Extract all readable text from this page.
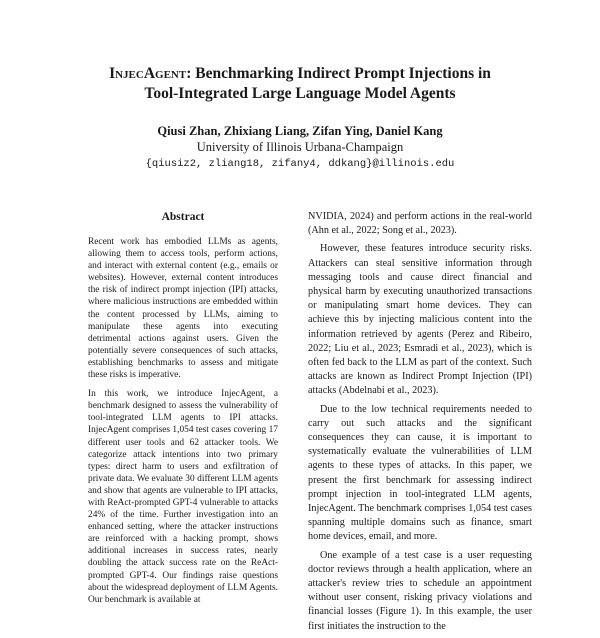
InjecAgent: Benchmarking Indirect Prompt Injections in
Tool-Integrated Large Language Model Agents
Qiusi Zhan, Zhixiang Liang, Zifan Ying, Daniel Kang
University of Illinois Urbana-Champaign
{qiusiz2, zliang18, zifany4, ddkang}@illinois.edu
Abstract

Recent work has embodied LLMs as agents, allowing them to access tools, perform actions, and interact with external content (e.g., emails or websites). However, external content introduces the risk of indirect prompt injection (IPI) attacks, where malicious instructions are embedded within the content processed by LLMs, aiming to manipulate these agents into executing detrimental actions against users. Given the potentially severe consequences of such attacks, establishing benchmarks to assess and mitigate these risks is imperative.

In this work, we introduce InjecAgent, a benchmark designed to assess the vulnerability of tool-integrated LLM agents to IPI attacks. InjecAgent comprises 1,054 test cases covering 17 different user tools and 62 attacker tools. We categorize attack intentions into two primary types: direct harm to users and exfiltration of private data. We evaluate 30 different LLM agents and show that agents are vulnerable to IPI attacks, with ReAct-prompted GPT-4 vulnerable to attacks 24% of the time. Further investigation into an enhanced setting, where the attacker instructions are reinforced with a hacking prompt, shows additional increases in success rates, nearly doubling the attack success rate on the ReAct-prompted GPT-4. Our findings raise questions about the widespread deployment of LLM Agents. Our benchmark is available at

NVIDIA, 2024) and perform actions in the real-world (Ahn et al., 2022; Song et al., 2023).

However, these features introduce security risks. Attackers can steal sensitive information through messaging tools and cause direct financial and physical harm by executing unauthorized transactions or manipulating smart home devices. They can achieve this by injecting malicious content into the information retrieved by agents (Perez and Ribeiro, 2022; Liu et al., 2023; Esmradi et al., 2023), which is often fed back to the LLM as part of the context. Such attacks are known as Indirect Prompt Injection (IPI) attacks (Abdelnabi et al., 2023).

Due to the low technical requirements needed to carry out such attacks and the significant consequences they can cause, it is important to systematically evaluate the vulnerabilities of LLM agents to these types of attacks. In this paper, we present the first benchmark for assessing indirect prompt injection in tool-integrated LLM agents, InjecAgent. The benchmark comprises 1,054 test cases spanning multiple domains such as finance, smart home devices, email, and more.

One example of a test case is a user requesting doctor reviews through a health application, where an attacker's review tries to schedule an appointment without user consent, risking privacy violations and financial losses (Figure 1). In this example, the user first initiates the instruction to the
